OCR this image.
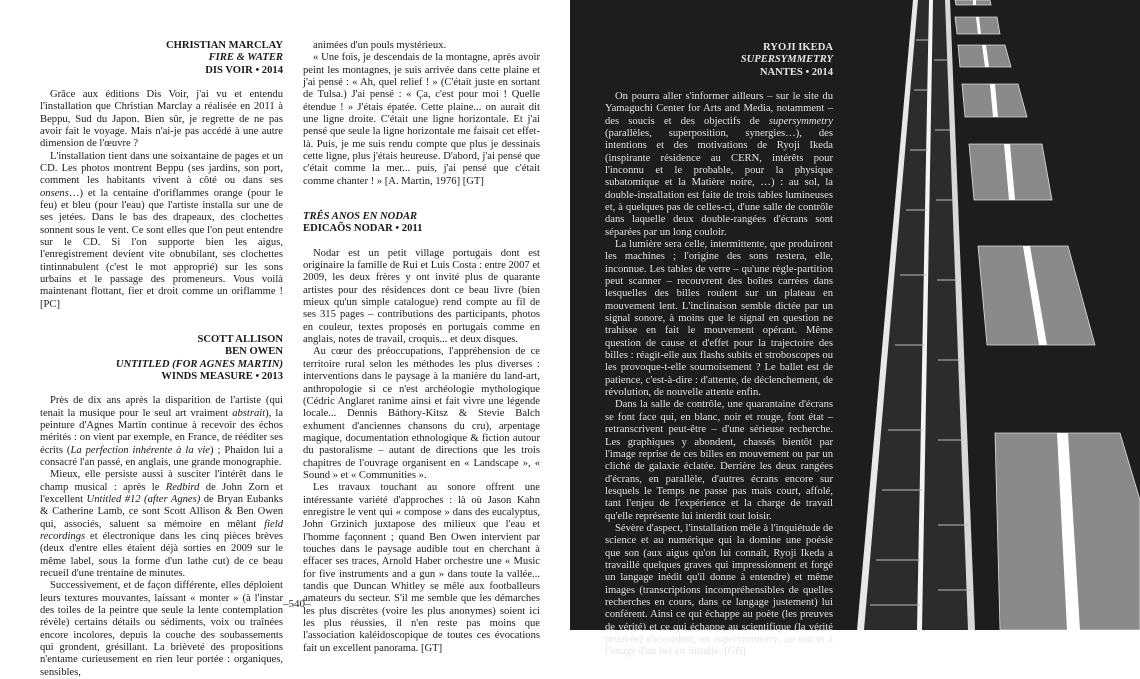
CHRISTIAN MARCLAY
FIRE & WATER
DIS VOIR • 2014

Grâce aux éditions Dis Voir, j'ai vu et entendu l'installation que Christian Marclay a réalisée en 2011 à Beppu, Sud du Japon. Bien sûr, je regrette de ne pas avoir fait le voyage. Mais n'ai-je pas accédé à une autre dimension de l'œuvre ?

L'installation tient dans une soixantaine de pages et un CD. Les photos montrent Beppu (ses jardins, son port, comment les habitants vivent à côté ou dans ses onsens…) et la centaine d'oriflammes orange (pour le feu) et bleu (pour l'eau) que l'artiste installa sur une de ses jetées. Dans le bas des drapeaux, des clochettes sonnent sous le vent. Ce sont elles que l'on peut entendre sur le CD. Si l'on supporte bien les aigus, l'enregistrement devient vite obnubilant, ses clochettes tintinnabulent (c'est le mot approprié) sur les sons urbains et le passage des promeneurs. Vous voilà maintenant flottant, fier et droit comme un oriflamme ! [PC]

SCOTT ALLISON
BEN OWEN
UNTITLED (FOR AGNES MARTIN)
WINDS MEASURE • 2013

Près de dix ans après la disparition de l'artiste (qui tenait la musique pour le seul art vraiment abstrait), la peinture d'Agnes Martin continue à recevoir des échos mérités : on vient par exemple, en France, de rééditer ses écrits (La perfection inhérente à la vie) ; Phaidon lui a consacré l'an passé, en anglais, une grande monographie.

Mieux, elle persiste aussi à susciter l'intérêt dans le champ musical : après le Redbird de John Zorn et l'excellent Untitled #12 (after Agnes) de Bryan Eubanks & Catherine Lamb, ce sont Scott Allison & Ben Owen qui, associés, saluent sa mémoire en mêlant field recordings et électronique dans les cinq pièces brèves (deux d'entre elles étaient déjà sorties en 2009 sur le même label, sous la forme d'un lathe cut) de ce beau recueil d'une trentaine de minutes.

Successivement, et de façon différente, elles déploient leurs textures mouvantes, laissant « monter » (à l'instar des toiles de la peintre que seule la lente contemplation révèle) certains détails ou sédiments, voix ou traînées encore incolores, depuis la couche des soubassements qui grondent, grésillant. La brièveté des propositions n'entame curieusement en rien leur portée : organiques, sensibles,

animées d'un pouls mystérieux.

« Une fois, je descendais de la montagne, après avoir peint les montagnes, je suis arrivée dans cette plaine et j'ai pensé : « Ah, quel relief ! » (C'était juste en sortant de Tulsa.) J'ai pensé : « Ça, c'est pour moi ! Quelle étendue ! » J'étais épatée. Cette plaine... on aurait dit une ligne droite. C'était une ligne horizontale. Et j'ai pensé que seule la ligne horizontale me faisait cet effet-là. Puis, je me suis rendu compte que plus je dessinais cette ligne, plus j'étais heureuse. D'abord, j'ai pensé que c'était comme la mer... puis, j'ai pensé que c'était comme chanter ! » [A. Martin, 1976] [GT]

TRÊS ANOS EN NODAR
EDICAÕS NODAR • 2011

Nodar est un petit village portugais dont est originaire la famille de Rui et Luis Costa : entre 2007 et 2009, les deux frères y ont invité plus de quarante artistes pour des résidences dont ce beau livre (bien mieux qu'un simple catalogue) rend compte au fil de ses 315 pages – contributions des participants, photos en couleur, textes proposés en portugais comme en anglais, notes de travail, croquis... et deux disques.

Au cœur des préoccupations, l'appréhension de ce territoire rural selon les méthodes les plus diverses : interventions dans le paysage à la manière du land-art, anthropologie si ce n'est archéologie mythologique (Cédric Anglaret ranime ainsi et fait vivre une légende locale... Dennis Báthory-Kitsz & Stevie Balch exhument d'anciennes chansons du cru), arpentage magique, documentation ethnologique & fiction autour du pastoralisme – autant de directions que les trois chapitres de l'ouvrage organisent en « Landscape », « Sound » et « Communities ».

Les travaux touchant au sonore offrent une intéressante variété d'approches : là où Jason Kahn enregistre le vent qui « compose » dans des eucalyptus, John Grzinich juxtapose des milieux que l'eau et l'homme façonnent ; quand Ben Owen intervient par touches dans le paysage audible tout en cherchant à effacer ses traces, Arnold Haber orchestre une « Music for five instruments and a gun » dans toute la vallée... tandis que Duncan Whitley se mêle aux footballeurs amateurs du secteur. S'il me semble que les démarches les plus discrètes (voire les plus anonymes) soient ici les plus réussies, il n'en reste pas moins que l'association kaléidoscopique de toutes ces évocations fait un excellent panorama. [GT]

–540–
RYOJI IKEDA
SUPERSYMMETRY
NANTES • 2014

On pourra aller s'informer ailleurs – sur le site du Yamaguchi Center for Arts and Media, notamment – des soucis et des objectifs de supersymmetry (parallèles, superposition, synergies…), des intentions et des motivations de Ryoji Ikeda (inspirante résidence au CERN, intérêts pour l'inconnu et le probable, pour la physique subatomique et la Matière noire, …) : au sol, la double-installation est faite de trois tables lumineuses et, à quelques pas de celles-ci, d'une salle de contrôle dans laquelle deux double-rangées d'écrans sont séparées par un long couloir.

La lumière sera celle, intermittente, que produiront les machines ; l'origine des sons restera, elle, inconnue. Les tables de verre – qu'une règle-partition peut scanner – recouvrent des boîtes carrées dans lesquelles des billes roulent sur un plateau en mouvement lent. L'inclinaison semble dictée par un signal sonore, à moins que le signal en question ne trahisse en fait le mouvement opérant. Même question de cause et d'effet pour la trajectoire des billes : réagit-elle aux flashs subits et stroboscopes ou les provoque-t-elle sournoisement ? Le ballet est de patience, c'est-à-dire : d'attente, de déclenchement, de révolution, de nouvelle attente enfin.

Dans la salle de contrôle, une quarantaine d'écrans se font face qui, en blanc, noir et rouge, font état – retranscrivent peut-être – d'une sérieuse recherche. Les graphiques y abondent, chassés bientôt par l'image reprise de ces billes en mouvement ou par un cliché de galaxie éclatée. Derrière les deux rangées d'écrans, en parallèle, d'autres écrans encore sur lesquels le Temps ne passe pas mais court, affolé, tant l'enjeu de l'expérience et la charge de travail qu'elle représente lui interdit tout loisir.

Sévère d'aspect, l'installation mêle à l'inquiétude de science et au numérique qui la domine une poésie que son (aux aigus qu'on lui connaît, Ryoji Ikeda a travaillé quelques graves qui impressionnent et forgé un langage inédit qu'il donne à entendre) et même images (transcriptions incompréhensibles de quelles recherches en cours, dans ce langage justement) lui confèrent. Ainsi ce qui échappe au poète (les preuves de vérité) et ce qui échappe au scientifique (la vérité prouvée) s'accordent, en supersymmetry, au son et à l'image d'un bel art installé. [GB]
